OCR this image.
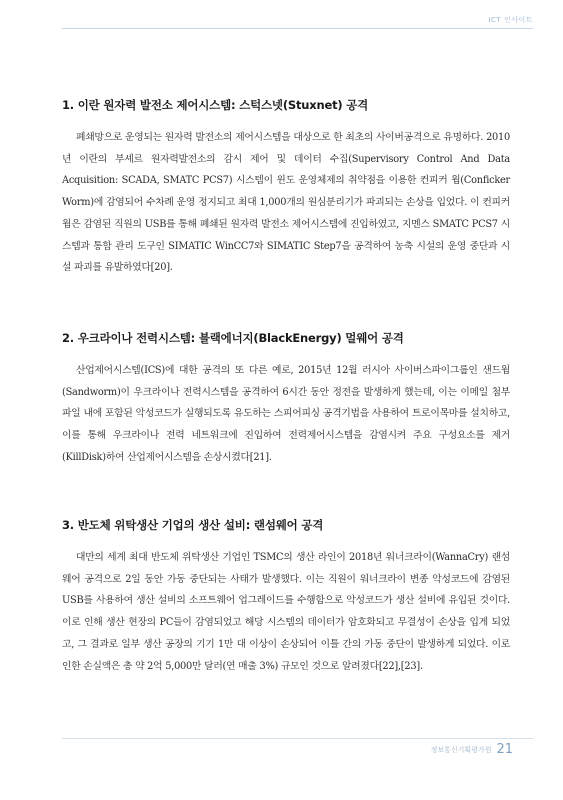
ICT 인사이트
1. 이란 원자력 발전소 제어시스템: 스턱스넷(Stuxnet) 공격

폐쇄망으로 운영되는 원자력 발전소의 제어시스템을 대상으로 한 최초의 사이버공격으로 유명하다. 2010년 이란의 부셰르 원자력발전소의 감시 제어 및 데이터 수집(Supervisory Control And Data Acquisition: SCADA, SMATC PCS7) 시스템이 윈도 운영체제의 취약점을 이용한 컨피커 웜(Conficker Worm)에 감염되어 수차례 운영 정지되고 최대 1,000개의 원심분리기가 파괴되는 손상을 입었다. 이 컨피커 웜은 감염된 직원의 USB를 통해 폐쇄된 원자력 발전소 제어시스템에 진입하였고, 지멘스 SMATC PCS7 시스템과 통합 관리 도구인 SIMATIC WinCC7와 SIMATIC Step7을 공격하여 농축 시설의 운영 중단과 시설 파괴를 유발하였다[20].

2. 우크라이나 전력시스템: 블랙에너지(BlackEnergy) 멀웨어 공격

산업제어시스템(ICS)에 대한 공격의 또 다른 예로, 2015년 12월 러시아 사이버스파이그룹인 샌드웜(Sandworm)이 우크라이나 전력시스템을 공격하여 6시간 동안 정전을 발생하게 했는데, 이는 이메일 첨부 파일 내에 포함된 악성코드가 실행되도록 유도하는 스피어피싱 공격기법을 사용하여 트로이목마를 설치하고, 이를 통해 우크라이나 전력 네트워크에 진입하여 전력제어시스템을 감염시켜 주요 구성요소를 제거(KillDisk)하여 산업제어시스템을 손상시켰다[21].

3. 반도체 위탁생산 기업의 생산 설비: 랜섬웨어 공격

대만의 세계 최대 반도체 위탁생산 기업인 TSMC의 생산 라인이 2018년 워너크라이(WannaCry) 랜섬웨어 공격으로 2일 동안 가동 중단되는 사태가 발생했다. 이는 직원이 워너크라이 변종 악성코드에 감염된 USB를 사용하여 생산 설비의 소프트웨어 업그레이드를 수행함으로 악성코드가 생산 설비에 유입된 것이다. 이로 인해 생산 현장의 PC들이 감염되었고 해당 시스템의 데이터가 암호화되고 무결성이 손상을 입게 되었고, 그 결과로 일부 생산 공장의 기기 1만 대 이상이 손상되어 이틀 간의 가동 중단이 발생하게 되었다. 이로 인한 손실액은 총 약 2억 5,000만 달러(연 매출 3%) 규모인 것으로 알려졌다[22],[23].

정보통신기획평가원 21
